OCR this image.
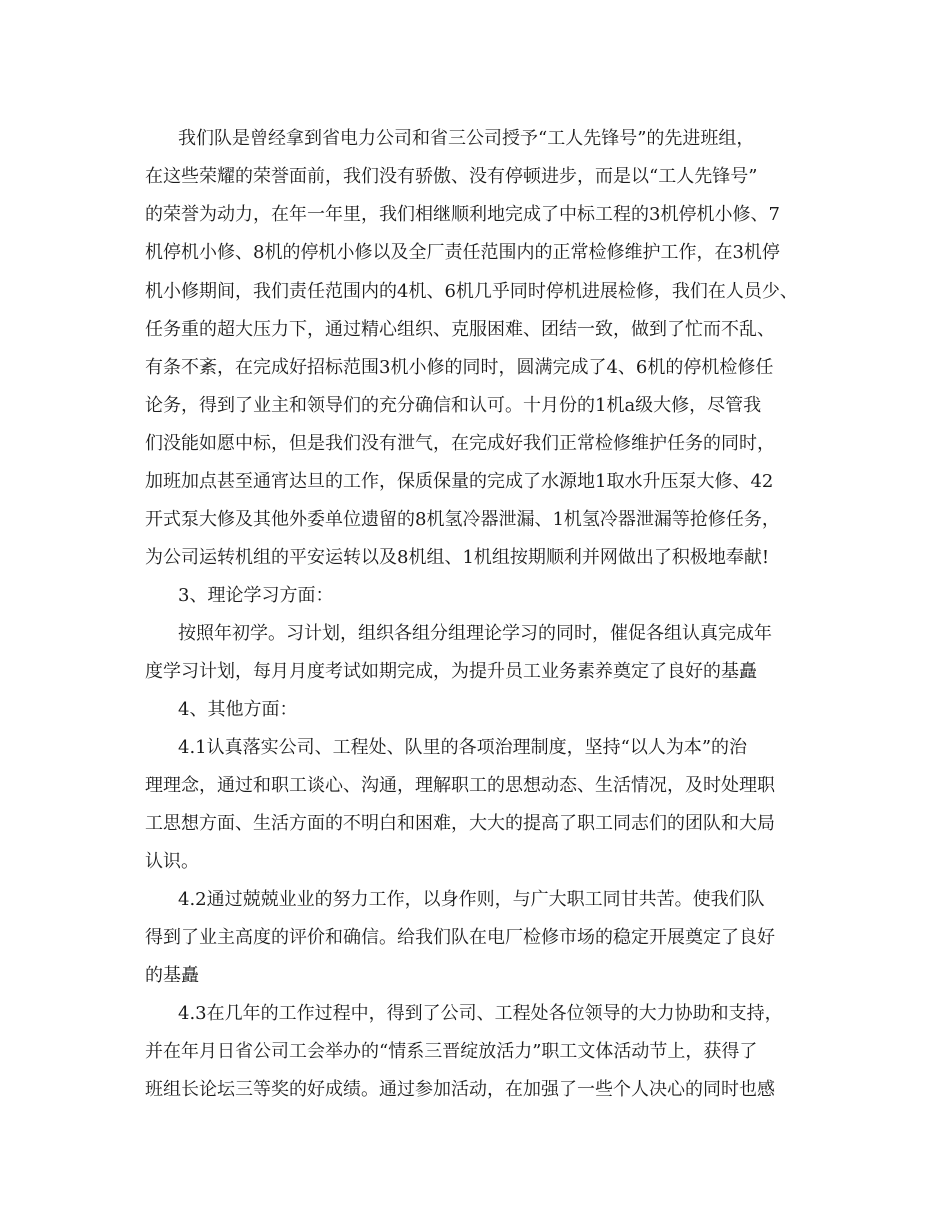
我们队是曾经拿到省电力公司和省三公司授予“工人先锋号”的先进班组，
在这些荣耀的荣誉面前，我们没有骄傲、没有停顿进步，而是以“工人先锋号”
的荣誉为动力，在年一年里，我们相继顺利地完成了中标工程的3机停机小修、7
机停机小修、8机的停机小修以及全厂责任范围内的正常检修维护工作，在3机停
机小修期间，我们责任范围内的4机、6机几乎同时停机进展检修，我们在人员少、
任务重的超大压力下，通过精心组织、克服困难、团结一致，做到了忙而不乱、
有条不紊，在完成好招标范围3机小修的同时，圆满完成了4、6机的停机检修任
论务，得到了业主和领导们的充分确信和认可。十月份的1机a级大修，尽管我
们没能如愿中标，但是我们没有泄气，在完成好我们正常检修维护任务的同时，
加班加点甚至通宵达旦的工作，保质保量的完成了水源地1取水升压泵大修、42
开式泵大修及其他外委单位遗留的8机氢冷器泄漏、1机氢冷器泄漏等抢修任务，
为公司运转机组的平安运转以及8机组、1机组按期顺利并网做出了积极地奉献!
3、理论学习方面：
按照年初学。习计划，组织各组分组理论学习的同时，催促各组认真完成年
度学习计划，每月月度考试如期完成，为提升员工业务素养奠定了良好的基矗
4、其他方面：
4.1认真落实公司、工程处、队里的各项治理制度，坚持“以人为本”的治
理理念，通过和职工谈心、沟通，理解职工的思想动态、生活情况，及时处理职
工思想方面、生活方面的不明白和困难，大大的提高了职工同志们的团队和大局
认识。
4.2通过兢兢业业的努力工作，以身作则，与广大职工同甘共苦。使我们队
得到了业主高度的评价和确信。给我们队在电厂检修市场的稳定开展奠定了良好
的基矗
4.3在几年的工作过程中，得到了公司、工程处各位领导的大力协助和支持，
并在年月日省公司工会举办的“情系三晋绽放活力”职工文体活动节上，获得了
班组长论坛三等奖的好成绩。通过参加活动，在加强了一些个人决心的同时也感
